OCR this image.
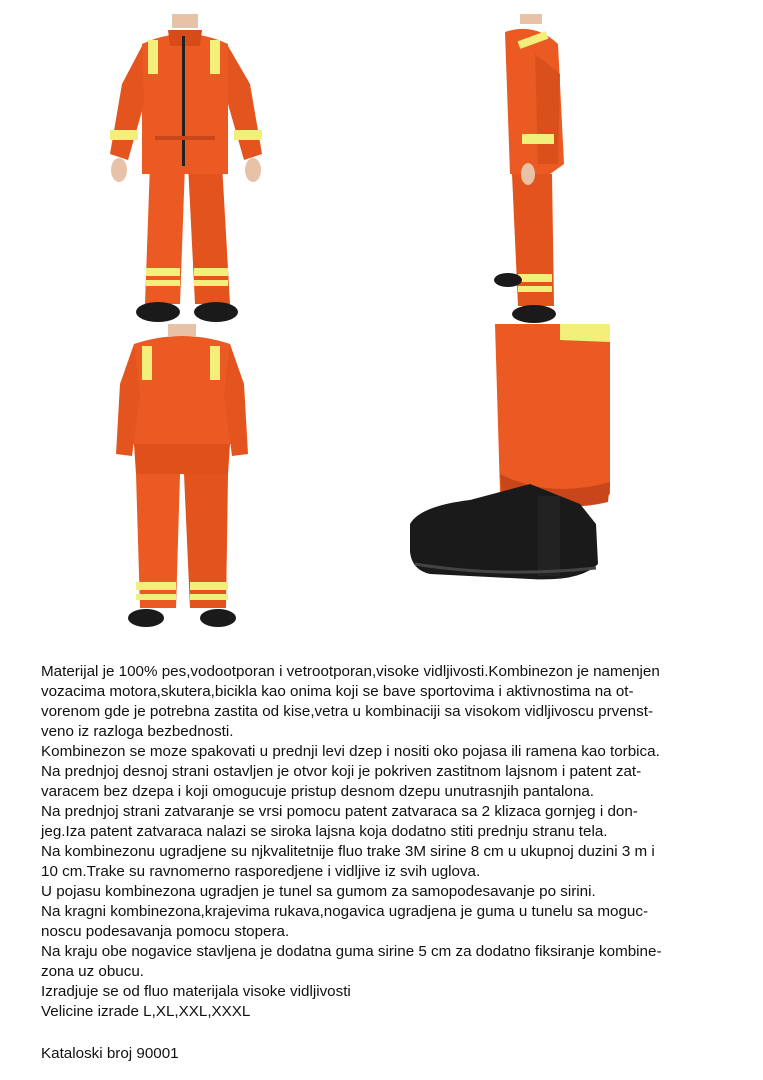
Materijal je 100% pes,vodootporan i vetrootporan,visoke vidljivosti.Kombinezon je namenjen

vozacima motora,skutera,bicikla kao onima koji se bave sportovima i aktivnostima na ot-

vorenom gde je potrebna zastita od kise,vetra u kombinaciji sa visokom vidljivoscu prvenst-

veno iz razloga bezbednosti.

Kombinezon se moze spakovati u prednji levi dzep i nositi oko pojasa ili ramena kao torbica.

Na prednjoj desnoj strani ostavljen je otvor koji je pokriven zastitnom lajsnom i patent zat-

varacem bez dzepa i koji omogucuje pristup desnom dzepu unutrasnjih pantalona.

Na prednjoj strani zatvaranje se vrsi pomocu patent zatvaraca sa 2 klizaca gornjeg i don-

jeg.Iza patent zatvaraca nalazi se siroka lajsna koja dodatno stiti prednju stranu tela.

Na kombinezonu ugradjene su njkvalitetnije fluo trake 3M sirine 8 cm u ukupnoj duzini 3 m i

10 cm.Trake su ravnomerno rasporedjene i vidljive iz svih uglova.

U pojasu kombinezona ugradjen je tunel sa gumom za samopodesavanje po sirini.

Na kragni kombinezona,krajevima rukava,nogavica ugradjena je guma u tunelu sa moguc-

noscu podesavanja pomocu stopera.

Na kraju obe nogavice stavljena je dodatna guma sirine 5 cm za dodatno fiksiranje kombine-

zona uz obucu.

Izradjuje se od fluo materijala visoke vidljivosti

Velicine izrade L,XL,XXL,XXXL

Kataloski broj 90001
